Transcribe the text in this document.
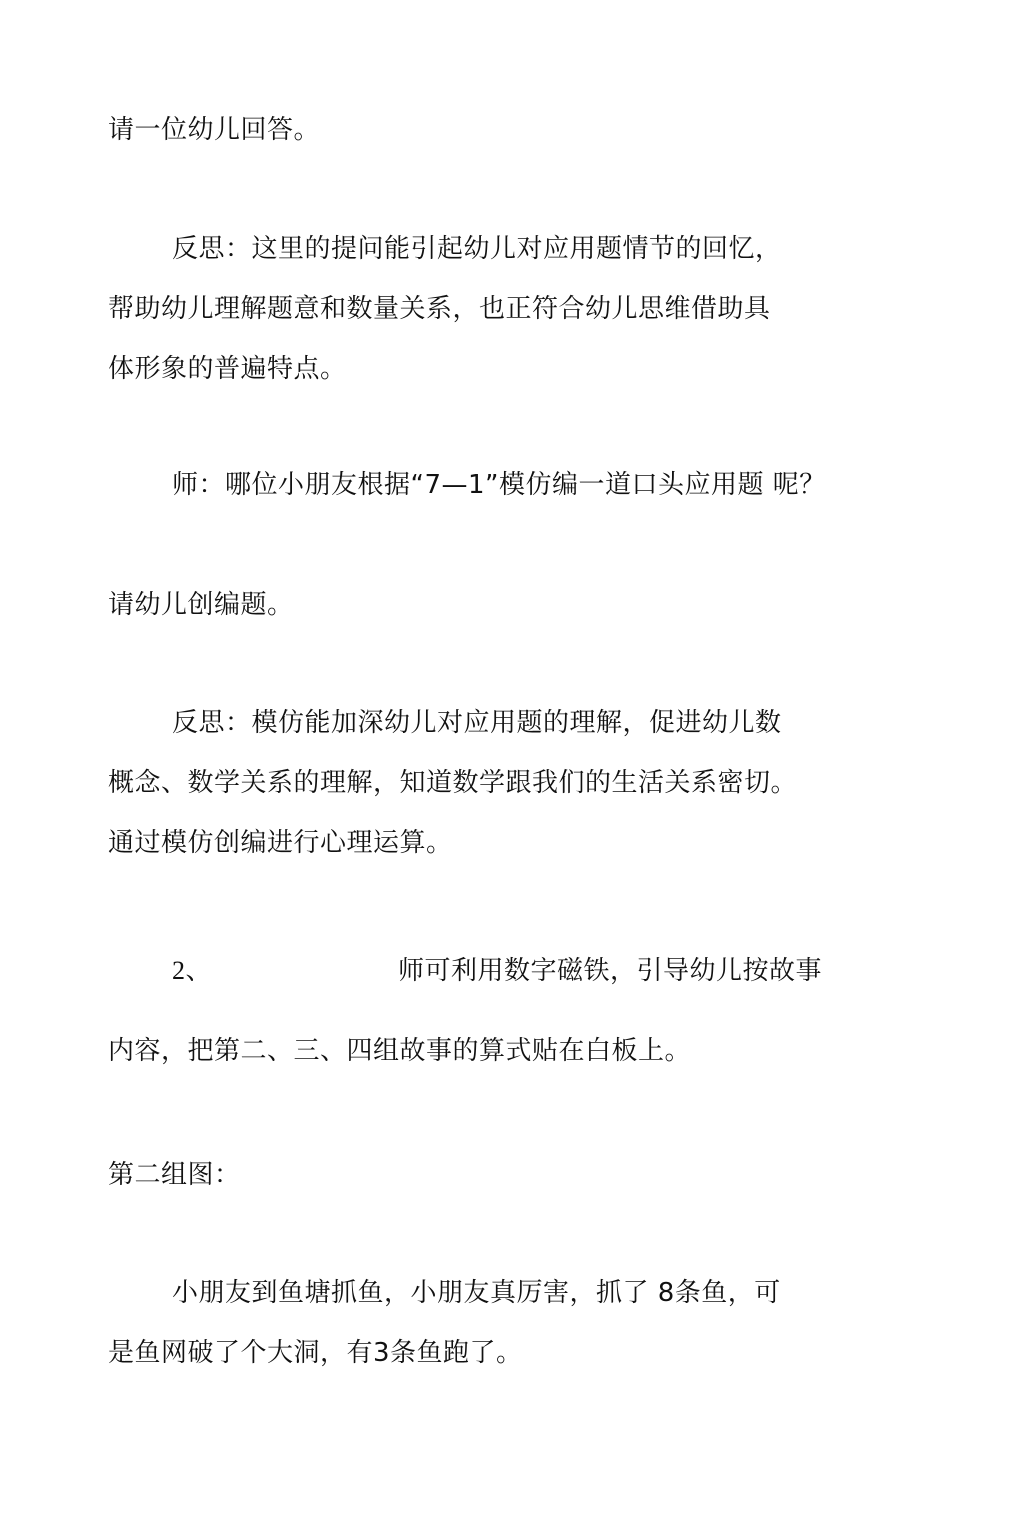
请一位幼儿回答。
反思：这里的提问能引起幼儿对应用题情节的回忆，
帮助幼儿理解题意和数量关系，也正符合幼儿思维借助具
体形象的普遍特点。
师：哪位小朋友根据“7—1”模仿编一道口头应用题 呢？
请幼儿创编题。
反思：模仿能加深幼儿对应用题的理解，促进幼儿数
概念、数学关系的理解，知道数学跟我们的生活关系密切。
通过模仿创编进行心理运算。
2、	师可利用数字磁铁，引导幼儿按故事
内容，把第二、三、四组故事的算式贴在白板上。
第二组图：
小朋友到鱼塘抓鱼，小朋友真厉害，抓了 8条鱼，可
是鱼网破了个大洞，有3条鱼跑了。
